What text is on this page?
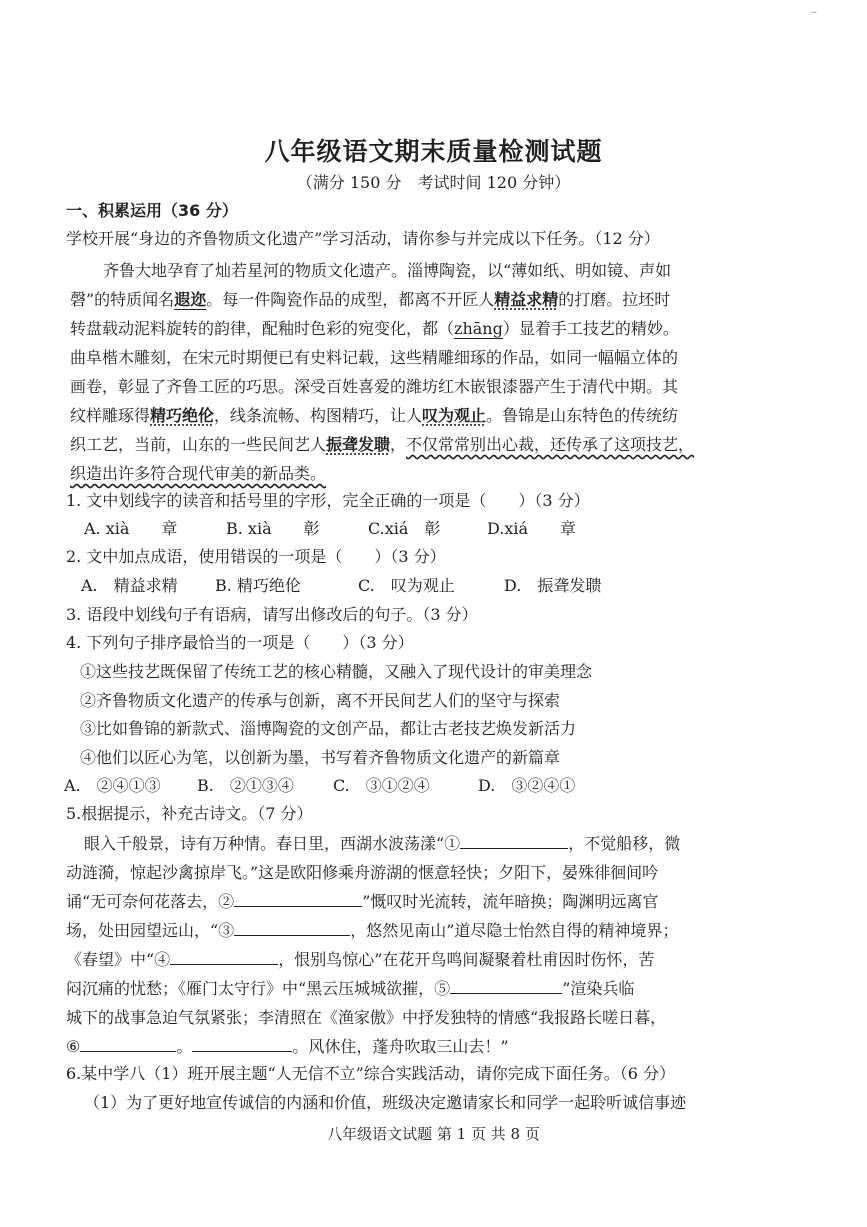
∼
八年级语文期末质量检测试题
（满分 150 分　考试时间 120 分钟）
一、积累运用（36 分）
学校开展“身边的齐鲁物质文化遗产”学习活动，请你参与并完成以下任务。（12 分）
齐鲁大地孕育了灿若星河的物质文化遗产。淄博陶瓷，以“薄如纸、明如镜、声如
磬”的特质闻名遐迩。每一件陶瓷作品的成型，都离不开匠人精益求精的打磨。拉坯时
转盘载动泥料旋转的韵律，配釉时色彩的宛变化，都（zhāng）显着手工技艺的精妙。
曲阜楷木雕刻，在宋元时期便已有史料记载，这些精雕细琢的作品，如同一幅幅立体的
画卷，彰显了齐鲁工匠的巧思。深受百姓喜爱的潍坊红木嵌银漆器产生于清代中期。其
纹样雕琢得精巧绝伦，线条流畅、构图精巧，让人叹为观止。鲁锦是山东特色的传统纺
织工艺，当前，山东的一些民间艺人振聋发聩，不仅常常别出心裁，还传承了这项技艺，
织造出许多符合现代审美的新品类。
1. 文中划线字的读音和括号里的字形，完全正确的一项是（　　）（3 分）
A. xià　　章	B. xià　　彰	C.xiá　彰	D.xiá　　章
2. 文中加点成语，使用错误的一项是（　　）（3 分）
A.　精益求精 B. 精巧绝伦	C.　叹为观止	D.　振聋发聩
3. 语段中划线句子有语病，请写出修改后的句子。（3 分）
4. 下列句子排序最恰当的一项是（　　）（3 分）
①这些技艺既保留了传统工艺的核心精髓，又融入了现代设计的审美理念
②齐鲁物质文化遗产的传承与创新，离不开民间艺人们的坚守与探索
③比如鲁锦的新款式、淄博陶瓷的文创产品，都让古老技艺焕发新活力
④他们以匠心为笔，以创新为墨，书写着齐鲁物质文化遗产的新篇章
A.　②④①③ B.　②①③④ C.　③①②④	D.　③②④①
5.根据提示，补充古诗文。（7 分）
眼入千般景，诗有万种情。春日里，西湖水波荡漾“①	，不觉船移，微
动涟漪，惊起沙禽掠岸飞。”这是欧阳修乘舟游湖的惬意轻快；夕阳下，晏殊徘徊间吟
诵“无可奈何花落去，②	”慨叹时光流转，流年暗换；陶渊明远离官
场，处田园望远山，“③	，悠然见南山”道尽隐士怡然自得的精神境界；
《春望》中“④	，恨别鸟惊心”在花开鸟鸣间凝聚着杜甫因时伤怀，苦
闷沉痛的忧愁；《雁门太守行》中“黑云压城城欲摧，⑤	”渲染兵临
城下的战事急迫气氛紧张；李清照在《渔家傲》中抒发独特的情感“我报路长嗟日暮，
⑥	。	。风休住，蓬舟吹取三山去！”
6.某中学八（1）班开展主题“人无信不立”综合实践活动，请你完成下面任务。（6 分）
（1）为了更好地宣传诚信的内涵和价值，班级决定邀请家长和同学一起聆听诚信事迹
八年级语文试题 第 1 页 共 8 页
